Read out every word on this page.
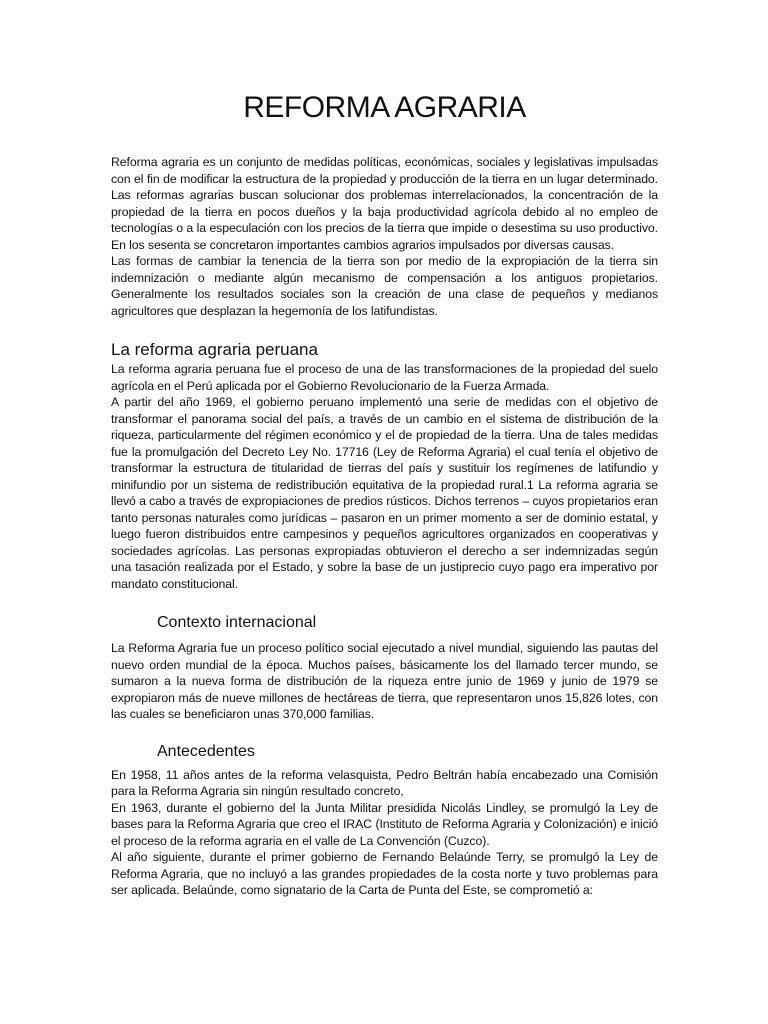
REFORMA AGRARIA

Reforma agraria es un conjunto de medidas políticas, económicas, sociales y legislativas impulsadas con el fin de modificar la estructura de la propiedad y producción de la tierra en un lugar determinado. Las reformas agrarias buscan solucionar dos problemas interrelacionados, la concentración de la propiedad de la tierra en pocos dueños y la baja productividad agrícola debido al no empleo de tecnologías o a la especulación con los precios de la tierra que impide o desestima su uso productivo. En los sesenta se concretaron importantes cambios agrarios impulsados por diversas causas.

Las formas de cambiar la tenencia de la tierra son por medio de la expropiación de la tierra sin indemnización o mediante algún mecanismo de compensación a los antiguos propietarios. Generalmente los resultados sociales son la creación de una clase de pequeños y medianos agricultores que desplazan la hegemonía de los latifundistas.

La reforma agraria peruana

La reforma agraria peruana fue el proceso de una de las transformaciones de la propiedad del suelo agrícola en el Perú aplicada por el Gobierno Revolucionario de la Fuerza Armada.

A partir del año 1969, el gobierno peruano implementó una serie de medidas con el objetivo de transformar el panorama social del país, a través de un cambio en el sistema de distribución de la riqueza, particularmente del régimen económico y el de propiedad de la tierra. Una de tales medidas fue la promulgación del Decreto Ley No. 17716 (Ley de Reforma Agraria) el cual tenía el objetivo de transformar la estructura de titularidad de tierras del país y sustituir los regímenes de latifundio y minifundio por un sistema de redistribución equitativa de la propiedad rural.1 La reforma agraria se llevó a cabo a través de expropiaciones de predios rústicos. Dichos terrenos – cuyos propietarios eran tanto personas naturales como jurídicas – pasaron en un primer momento a ser de dominio estatal, y luego fueron distribuidos entre campesinos y pequeños agricultores organizados en cooperativas y sociedades agrícolas. Las personas expropiadas obtuvieron el derecho a ser indemnizadas según una tasación realizada por el Estado, y sobre la base de un justiprecio cuyo pago era imperativo por mandato constitucional.

Contexto internacional

La Reforma Agraria fue un proceso político social ejecutado a nivel mundial, siguiendo las pautas del nuevo orden mundial de la época. Muchos países, básicamente los del llamado tercer mundo, se sumaron a la nueva forma de distribución de la riqueza entre junio de 1969 y junio de 1979 se expropiaron más de nueve millones de hectáreas de tierra, que representaron unos 15,826 lotes, con las cuales se beneficiaron unas 370,000 familias.

Antecedentes

En 1958, 11 años antes de la reforma velasquista, Pedro Beltrán había encabezado una Comisión para la Reforma Agraria sin ningún resultado concreto,

En 1963, durante el gobierno del la Junta Militar presidida Nicolás Lindley, se promulgó la Ley de bases para la Reforma Agraria que creo el IRAC (Instituto de Reforma Agraria y Colonización) e inició el proceso de la reforma agraria en el valle de La Convención (Cuzco).

Al año siguiente, durante el primer gobierno de Fernando Belaúnde Terry, se promulgó la Ley de Reforma Agraria, que no incluyó a las grandes propiedades de la costa norte y tuvo problemas para ser aplicada. Belaúnde, como signatario de la Carta de Punta del Este, se comprometió a:
